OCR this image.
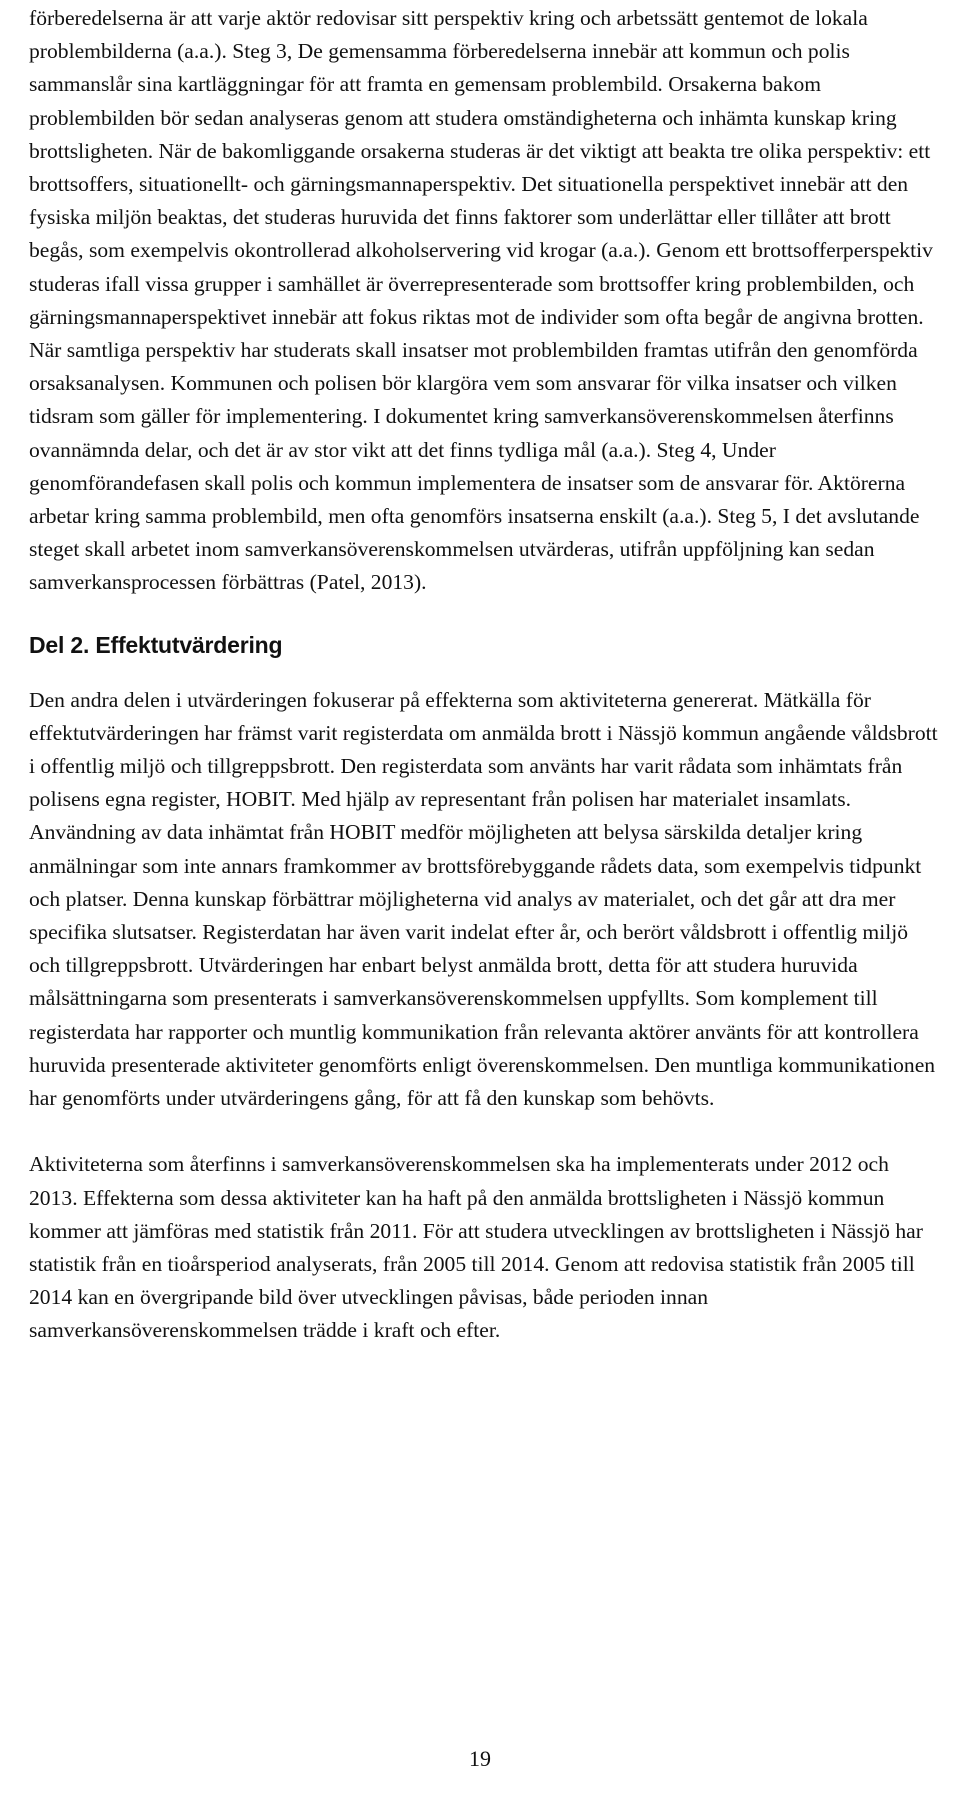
förberedelserna är att varje aktör redovisar sitt perspektiv kring och arbetssätt gentemot de lokala problembilderna (a.a.). Steg 3, De gemensamma förberedelserna innebär att kommun och polis sammanslår sina kartläggningar för att framta en gemensam problembild. Orsakerna bakom problembilden bör sedan analyseras genom att studera omständigheterna och inhämta kunskap kring brottsligheten. När de bakomliggande orsakerna studeras är det viktigt att beakta tre olika perspektiv: ett brottsoffers, situationellt- och gärningsmannaperspektiv. Det situationella perspektivet innebär att den fysiska miljön beaktas, det studeras huruvida det finns faktorer som underlättar eller tillåter att brott begås, som exempelvis okontrollerad alkoholservering vid krogar (a.a.). Genom ett brottsofferperspektiv studeras ifall vissa grupper i samhället är överrepresenterade som brottsoffer kring problembilden, och gärningsmannaperspektivet innebär att fokus riktas mot de individer som ofta begår de angivna brotten. När samtliga perspektiv har studerats skall insatser mot problembilden framtas utifrån den genomförda orsaksanalysen. Kommunen och polisen bör klargöra vem som ansvarar för vilka insatser och vilken tidsram som gäller för implementering. I dokumentet kring samverkansöverenskommelsen återfinns ovannämnda delar, och det är av stor vikt att det finns tydliga mål (a.a.). Steg 4, Under genomförandefasen skall polis och kommun implementera de insatser som de ansvarar för. Aktörerna arbetar kring samma problembild, men ofta genomförs insatserna enskilt (a.a.). Steg 5, I det avslutande steget skall arbetet inom samverkansöverenskommelsen utvärderas, utifrån uppföljning kan sedan samverkansprocessen förbättras (Patel, 2013).

Del 2. Effektutvärdering

Den andra delen i utvärderingen fokuserar på effekterna som aktiviteterna genererat. Mätkälla för effektutvärderingen har främst varit registerdata om anmälda brott i Nässjö kommun angående våldsbrott i offentlig miljö och tillgreppsbrott. Den registerdata som använts har varit rådata som inhämtats från polisens egna register, HOBIT. Med hjälp av representant från polisen har materialet insamlats. Användning av data inhämtat från HOBIT medför möjligheten att belysa särskilda detaljer kring anmälningar som inte annars framkommer av brottsförebyggande rådets data, som exempelvis tidpunkt och platser. Denna kunskap förbättrar möjligheterna vid analys av materialet, och det går att dra mer specifika slutsatser. Registerdatan har även varit indelat efter år, och berört våldsbrott i offentlig miljö och tillgreppsbrott. Utvärderingen har enbart belyst anmälda brott, detta för att studera huruvida målsättningarna som presenterats i samverkansöverenskommelsen uppfyllts. Som komplement till registerdata har rapporter och muntlig kommunikation från relevanta aktörer använts för att kontrollera huruvida presenterade aktiviteter genomförts enligt överenskommelsen. Den muntliga kommunikationen har genomförts under utvärderingens gång, för att få den kunskap som behövts.

Aktiviteterna som återfinns i samverkansöverenskommelsen ska ha implementerats under 2012 och 2013. Effekterna som dessa aktiviteter kan ha haft på den anmälda brottsligheten i Nässjö kommun kommer att jämföras med statistik från 2011. För att studera utvecklingen av brottsligheten i Nässjö har statistik från en tioårsperiod analyserats, från 2005 till 2014. Genom att redovisa statistik från 2005 till 2014 kan en övergripande bild över utvecklingen påvisas, både perioden innan samverkansöverenskommelsen trädde i kraft och efter.

19
